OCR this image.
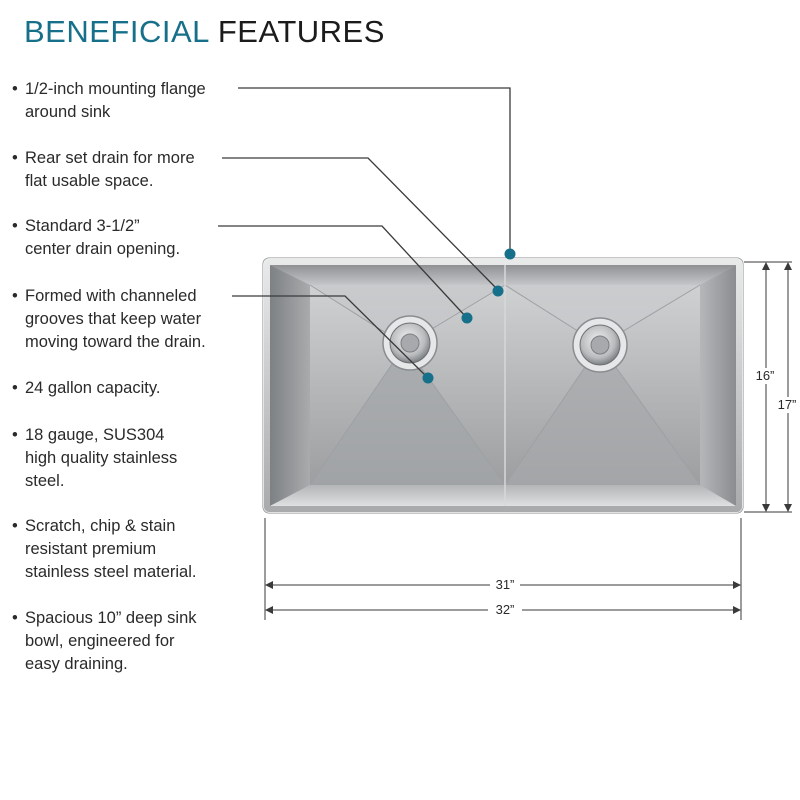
BENEFICIAL FEATURES
• 1/2-inch mounting flange
around sink
• Rear set drain for more
flat usable space.
• Standard 3-1/2”
center drain opening.
• Formed with channeled
grooves that keep water
moving toward the drain.
• 24 gallon capacity.
• 18 gauge, SUS304
high quality stainless
steel.
• Scratch, chip & stain
resistant premium
stainless steel material.
• Spacious 10” deep sink
bowl, engineered for
easy draining.
16”
17”
31”
32”
